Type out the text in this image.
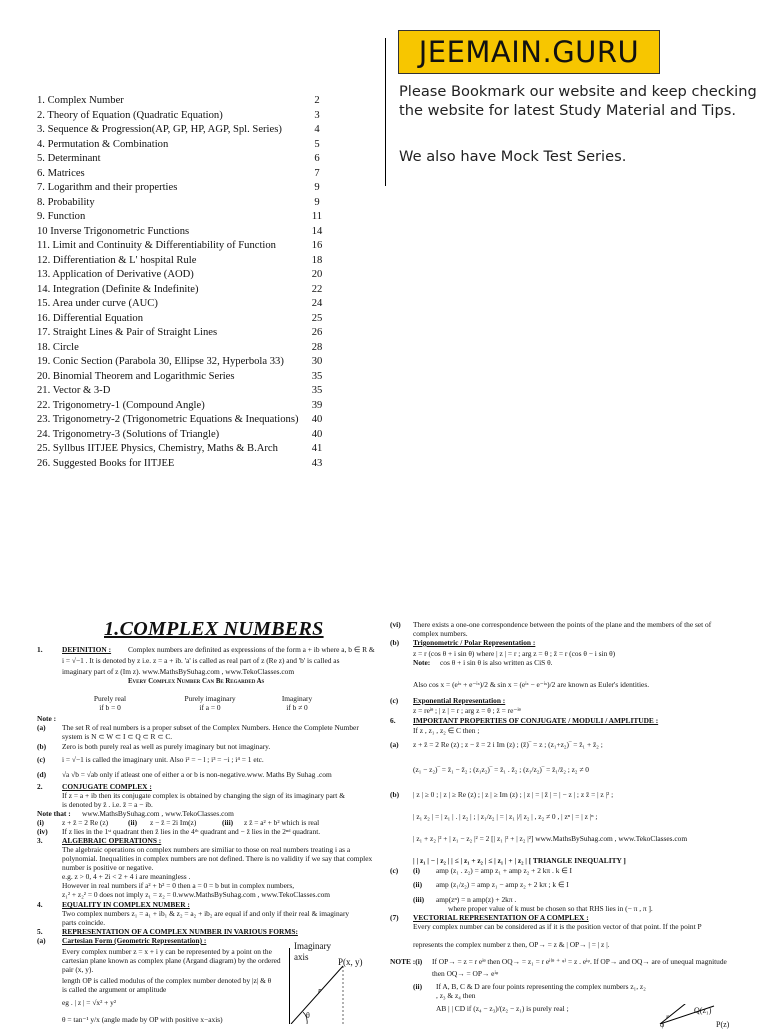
JEEMAIN.GURU
Please Bookmark our website and keep checking the website for latest Study Material and Tips.
We also have Mock Test Series.
1. Complex Number	2
2. Theory of Equation (Quadratic Equation)	3
3. Sequence & Progression(AP, GP, HP, AGP, Spl. Series)	4
4. Permutation & Combination	5
5. Determinant	6
6. Matrices	7
7. Logarithm and their properties	9
8. Probability	9
9. Function	11
10 Inverse Trigonometric Functions	14
11. Limit and Continuity & Differentiability of Function	16
12. Differentiation & L' hospital Rule	18
13. Application of Derivative (AOD)	20
14. Integration (Definite & Indefinite)	22
15. Area under curve (AUC)	24
16. Differential Equation	25
17. Straight Lines & Pair of Straight Lines	26
18. Circle	28
19. Conic Section (Parabola 30, Ellipse 32, Hyperbola 33)	30
20. Binomial Theorem and Logarithmic Series	35
21. Vector & 3-D	35
22. Trigonometry-1 (Compound Angle)	39
23. Trigonometry-2 (Trigonometric Equations & Inequations)	40
24. Trigonometry-3 (Solutions of Triangle)	40
25. Syllbus IITJEE Physics, Chemistry, Maths & B.Arch	41
26. Suggested Books for IITJEE	43
1.COMPLEX NUMBERS
1.	DEFINITION : Complex numbers are definited as expressions of the form a + ib where a, b ∈ R &
i = √−1 . It is denoted by z i.e. z = a + ib. 'a' is called as real part of z (Re z) and 'b' is called as
imaginary part of z (Im z). www.MathsBySuhag.com , www.TekoClasses.com
Every Complex Number Can Be Regarded As
Purely real
if b = 0
Purely imaginary
if a = 0
Imaginary
if b ≠ 0
Note :
(a) The set R of real numbers is a proper subset of the Complex Numbers. Hence the Complete Number
system is N ⊂ W ⊂ I ⊂ Q ⊂ R ⊂ C.
(b) Zero is both purely real as well as purely imaginary but not imaginary.
(c) i = √−1 is called the imaginary unit. Also i² = − l ; i³ = −i ; i⁴ = 1 etc.
(d) √a √b = √ab only if atleast one of either a or b is non-negative.www. Maths By Suhag .com
2.	CONJUGATE COMPLEX :
If z = a + ib then its conjugate complex is obtained by changing the sign of its imaginary part &
is denoted by z̄ . i.e. z̄ = a − ib.
Note that : www.MathsBySuhag.com , www.TekoClasses.com
(i) z + z̄ = 2 Re (z)	(ii) z − z̄ = 2i Im(z)	(iii) z z̄ = a² + b² which is real
(iv) If z lies in the 1ˢᵗ quadrant then z̄ lies in the 4ᵗʰ quadrant and − z̄ lies in the 2ⁿᵈ quadrant.
3.	ALGEBRAIC OPERATIONS :
The algebraic operations on complex numbers are similiar to those on real numbers treating i as a
polynomial. Inequalities in complex numbers are not defined. There is no validity if we say that complex
number is positive or negative.
e.g. z > 0, 4 + 2i < 2 + 4 i are meaningless .
However in real numbers if a² + b² = 0 then a = 0 = b but in complex numbers,
z₁² + z₂² = 0 does not imply z₁ = z₂ = 0.www.MathsBySuhag.com , www.TekoClasses.com
4.	EQUALITY IN COMPLEX NUMBER :
Two complex numbers z₁ = a₁ + ib₁ & z₂ = a₂ + ib₂ are equal if and only if their real & imaginary
parts coincide.
5.	REPRESENTATION OF A COMPLEX NUMBER IN VARIOUS FORMS:
(a) Cartesian Form (Geometric Representation) :
Every complex number z = x + i y can be represented by a point on the
cartesian plane known as complex plane (Argand diagram) by the ordered
pair (x, y).
length OP is called modulus of the complex number denoted by |z| & θ
is called the argument or amplitude
eg . | z | = √x² + y²
θ = tan⁻¹ y/x (angle made by OP with positive x−axis)
Imaginary
axis	P(x, y)
r
θ
(vi) There exists a one-one correspondence between the points of the plane and the members of the set of
complex numbers.
(b) Trigonometric / Polar Representation :
z = r (cos θ + i sin θ) where | z | = r ; arg z = θ ; z̄ = r (cos θ − i sin θ)
Note: cos θ + i sin θ is also written as CiS θ.
Also cos x = (eⁱˣ + e⁻ⁱˣ)/2 & sin x = (eⁱˣ − e⁻ⁱˣ)/2 are known as Euler's identities.
(c) Exponential Representation :
z = reⁱᶿ ; | z | = r ; arg z = θ ; z̄ = re⁻ⁱᶿ
6. IMPORTANT PROPERTIES OF CONJUGATE / MODULI / AMPLITUDE :
If z , z₁ , z₂ ∈ C then ;
(a) z + z̄ = 2 Re (z) ; z − z̄ = 2 i Im (z) ; (z̄)‾ = z ; (z₁+z₂)‾ = z̄₁ + z̄₂ ;
(z₁ − z₂)‾ = z̄₁ − z̄₂ ; (z₁z₂)‾ = z̄₁ . z̄₂ ; (z₁/z₂)‾ = z̄₁/z̄₂ ; z₂ ≠ 0
(b) | z | ≥ 0 ; | z | ≥ Re (z) ; | z | ≥ Im (z) ; | z | = | z̄ | = | − z | ; z z̄ = | z |² ;
| z₁ z₂ | = | z₁ | . | z₂ | ; | z₁/z₂ | = | z₁ |/| z₂ | , z₂ ≠ 0 , | zⁿ | = | z |ⁿ ;
| z₁ + z₂ |² + | z₁ − z₂ |² = 2 [| z₁ |² + | z₂ |²] www.MathsBySuhag.com , www.TekoClasses.com
| | z₁ | − | z₂ | | ≤ | z₁ + z₂ | ≤ | z₁ | + | z₂ | [ TRIANGLE INEQUALITY ]
(c) (i) amp (z₁ . z₂) = amp z₁ + amp z₂ + 2 kπ . k ∈ I
(ii) amp (z₁/z₂) = amp z₁ − amp z₂ + 2 kπ ; k ∈ I
(iii) amp(zⁿ) = n amp(z) + 2kπ .
where proper value of k must be chosen so that RHS lies in (− π , π ].
(7) VECTORIAL REPRESENTATION OF A COMPLEX :
Every complex number can be considered as if it is the position vector of that point. If the point P
represents the complex number z then, OP→ = z & | OP→ | = | z |.
NOTE :(i) If OP→ = z = r eⁱᶿ then OQ→ = z₁ = r eⁱ⁽ᶿ ⁺ ᵠ⁾ = z . eⁱᵠ. If OP→ and OQ→ are of unequal magnitude
then OQ→ = OP→ eⁱᵠ
(ii) If A, B, C & D are four points representing the complex numbers z₁, z₂
, z₃ & z₄ then
AB | | CD if (z₄ − z₃)/(z₂ − z₁) is purely real ;	Q(z₁)
P(z)
r
φ
